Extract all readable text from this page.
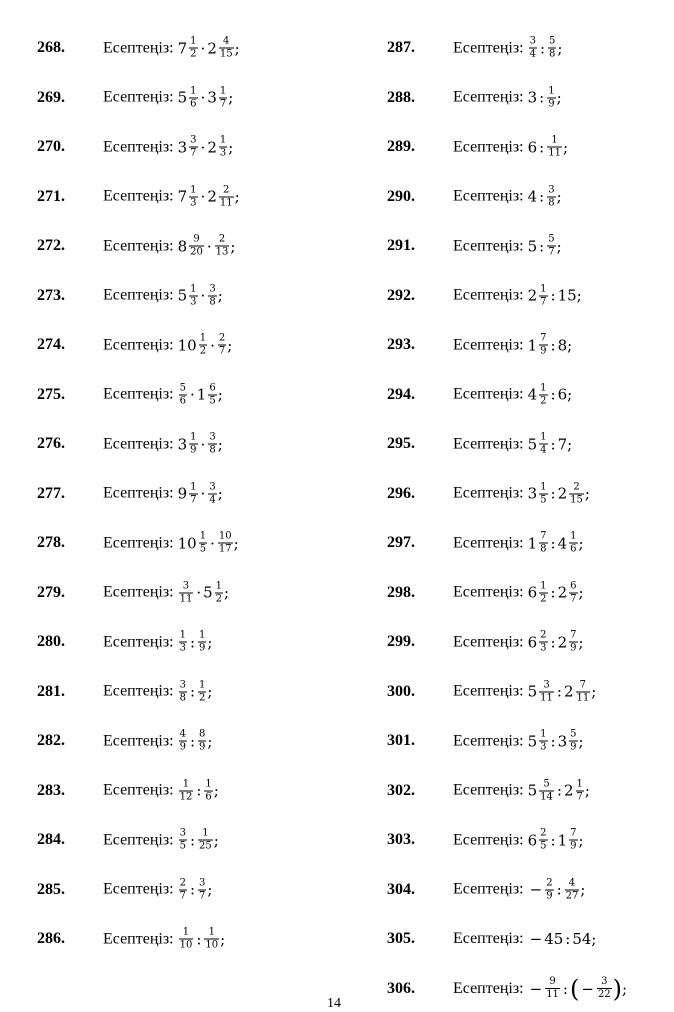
268. Есептеңіз: $7 \frac{1}{2} \cdot 2 \frac{4}{15}$ ;
269. Есептеңіз: $5 \frac{1}{6} \cdot 3 \frac{1}{7}$ ;
270. Есептеңіз: $3 \frac{3}{7} \cdot 2 \frac{1}{3}$ ;
271. Есептеңіз: $7 \frac{1}{3} \cdot 2 \frac{2}{11}$ ;
272. Есептеңіз: $8 \frac{9}{20} \cdot \frac{2}{13}$ ;
273. Есептеңіз: $5 \frac{1}{3} \cdot \frac{3}{8}$ ;
274. Есептеңіз: $10 \frac{1}{2} \cdot \frac{2}{7}$ ;
275. Есептеңіз: $\frac{5}{6} \cdot 1 \frac{6}{5}$ ;
276. Есептеңіз: $3 \frac{1}{9} \cdot \frac{3}{8}$ ;
277. Есептеңіз: $9 \frac{1}{7} \cdot \frac{3}{4}$ ;
278. Есептеңіз: $10 \frac{1}{5} \cdot \frac{10}{17}$ ;
279. Есептеңіз: $\frac{3}{11} \cdot 5 \frac{1}{2}$ ;
280. Есептеңіз: $\frac{1}{3}$ : $\frac{1}{9}$ ;
281. Есептеңіз: $\frac{3}{8}$ : $\frac{1}{2}$ ;
282. Есептеңіз: $\frac{4}{9}$ : $\frac{8}{9}$ ;
283. Есептеңіз: $\frac{1}{12}$ : $\frac{1}{6}$ ;
284. Есептеңіз: $\frac{3}{5}$ : $\frac{1}{25}$ ;
285. Есептеңіз: $\frac{2}{7}$ : $\frac{3}{7}$ ;
286. Есептеңіз: $\frac{1}{10}$ : $\frac{1}{10}$ ;
287. Есептеңіз: $\frac{3}{4}$ : $\frac{5}{8}$ ;
288. Есептеңіз: 3 : $\frac{1}{9}$ ;
289. Есептеңіз: 6 : $\frac{1}{11}$ ;
290. Есептеңіз: 4 : $\frac{3}{8}$ ;
291. Есептеңіз: 5 : $\frac{5}{7}$ ;
292. Есептеңіз: $2 \frac{1}{7}$ : 15;
293. Есептеңіз: $1 \frac{7}{9}$ : 8;
294. Есептеңіз: $4 \frac{1}{2}$ : 6;
295. Есептеңіз: $5 \frac{1}{4}$ : 7;
296. Есептеңіз: $3 \frac{1}{5}$ : $2 \frac{2}{15}$ ;
297. Есептеңіз: $1 \frac{7}{8}$ : $4 \frac{1}{6}$ ;
298. Есептеңіз: $6 \frac{1}{2}$ : $2 \frac{6}{7}$ ;
299. Есептеңіз: $6 \frac{2}{3}$ : $2 \frac{7}{9}$ ;
300. Есептеңіз: $5 \frac{3}{11}$ : $2 \frac{7}{11}$ ;
301. Есептеңіз: $5 \frac{1}{3}$ : $3 \frac{5}{9}$ ;
302. Есептеңіз: $5 \frac{5}{14}$ : $2 \frac{1}{7}$ ;
303. Есептеңіз: $6 \frac{2}{5}$ : $1 \frac{7}{9}$ ;
304. Есептеңіз: − $\frac{2}{9}$ : $\frac{4}{27}$ ;
305. Есептеңіз: − 45 : 54;
306. Есептеңіз: − $\frac{9}{11}$ : ( − $\frac{3}{22}$ ) ;
14
